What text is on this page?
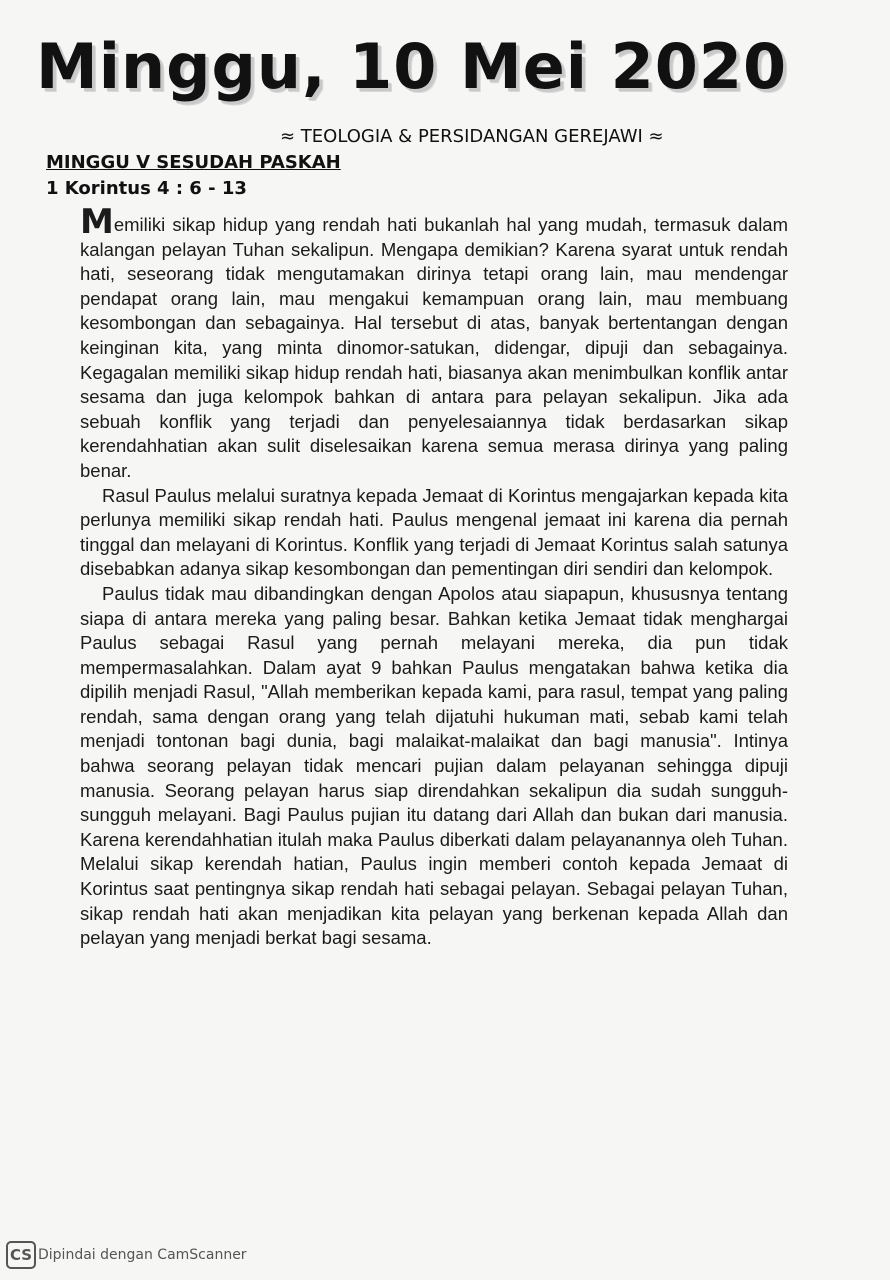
Minggu, 10 Mei 2020
≈ TEOLOGIA & PERSIDANGAN GEREJAWI ≈
MINGGU V SESUDAH PASKAH
1 Korintus 4 : 6 - 13

Memiliki sikap hidup yang rendah hati bukanlah hal yang mudah, termasuk dalam kalangan pelayan Tuhan sekalipun. Mengapa demikian? Karena syarat untuk rendah hati, seseorang tidak mengutamakan dirinya tetapi orang lain, mau mendengar pendapat orang lain, mau mengakui kemampuan orang lain, mau membuang kesombongan dan sebagainya. Hal tersebut di atas, banyak bertentangan dengan keinginan kita, yang minta dinomor-satukan, didengar, dipuji dan sebagainya. Kegagalan memiliki sikap hidup rendah hati, biasanya akan menimbulkan konflik antar sesama dan juga kelompok bahkan di antara para pelayan sekalipun. Jika ada sebuah konflik yang terjadi dan penyelesaiannya tidak berdasarkan sikap kerendahhatian akan sulit diselesaikan karena semua merasa dirinya yang paling benar.

Rasul Paulus melalui suratnya kepada Jemaat di Korintus mengajarkan kepada kita perlunya memiliki sikap rendah hati. Paulus mengenal jemaat ini karena dia pernah tinggal dan melayani di Korintus. Konflik yang terjadi di Jemaat Korintus salah satunya disebabkan adanya sikap kesombongan dan pementingan diri sendiri dan kelompok.

Paulus tidak mau dibandingkan dengan Apolos atau siapapun, khususnya tentang siapa di antara mereka yang paling besar. Bahkan ketika Jemaat tidak menghargai Paulus sebagai Rasul yang pernah melayani mereka, dia pun tidak mempermasalahkan. Dalam ayat 9 bahkan Paulus mengatakan bahwa ketika dia dipilih menjadi Rasul, "Allah memberikan kepada kami, para rasul, tempat yang paling rendah, sama dengan orang yang telah dijatuhi hukuman mati, sebab kami telah menjadi tontonan bagi dunia, bagi malaikat-malaikat dan bagi manusia". Intinya bahwa seorang pelayan tidak mencari pujian dalam pelayanan sehingga dipuji manusia. Seorang pelayan harus siap direndahkan sekalipun dia sudah sungguh-sungguh melayani. Bagi Paulus pujian itu datang dari Allah dan bukan dari manusia. Karena kerendahhatian itulah maka Paulus diberkati dalam pelayanannya oleh Tuhan. Melalui sikap kerendah hatian, Paulus ingin memberi contoh kepada Jemaat di Korintus saat pentingnya sikap rendah hati sebagai pelayan. Sebagai pelayan Tuhan, sikap rendah hati akan menjadikan kita pelayan yang berkenan kepada Allah dan pelayan yang menjadi berkat bagi sesama.

CS Dipindai dengan CamScanner
